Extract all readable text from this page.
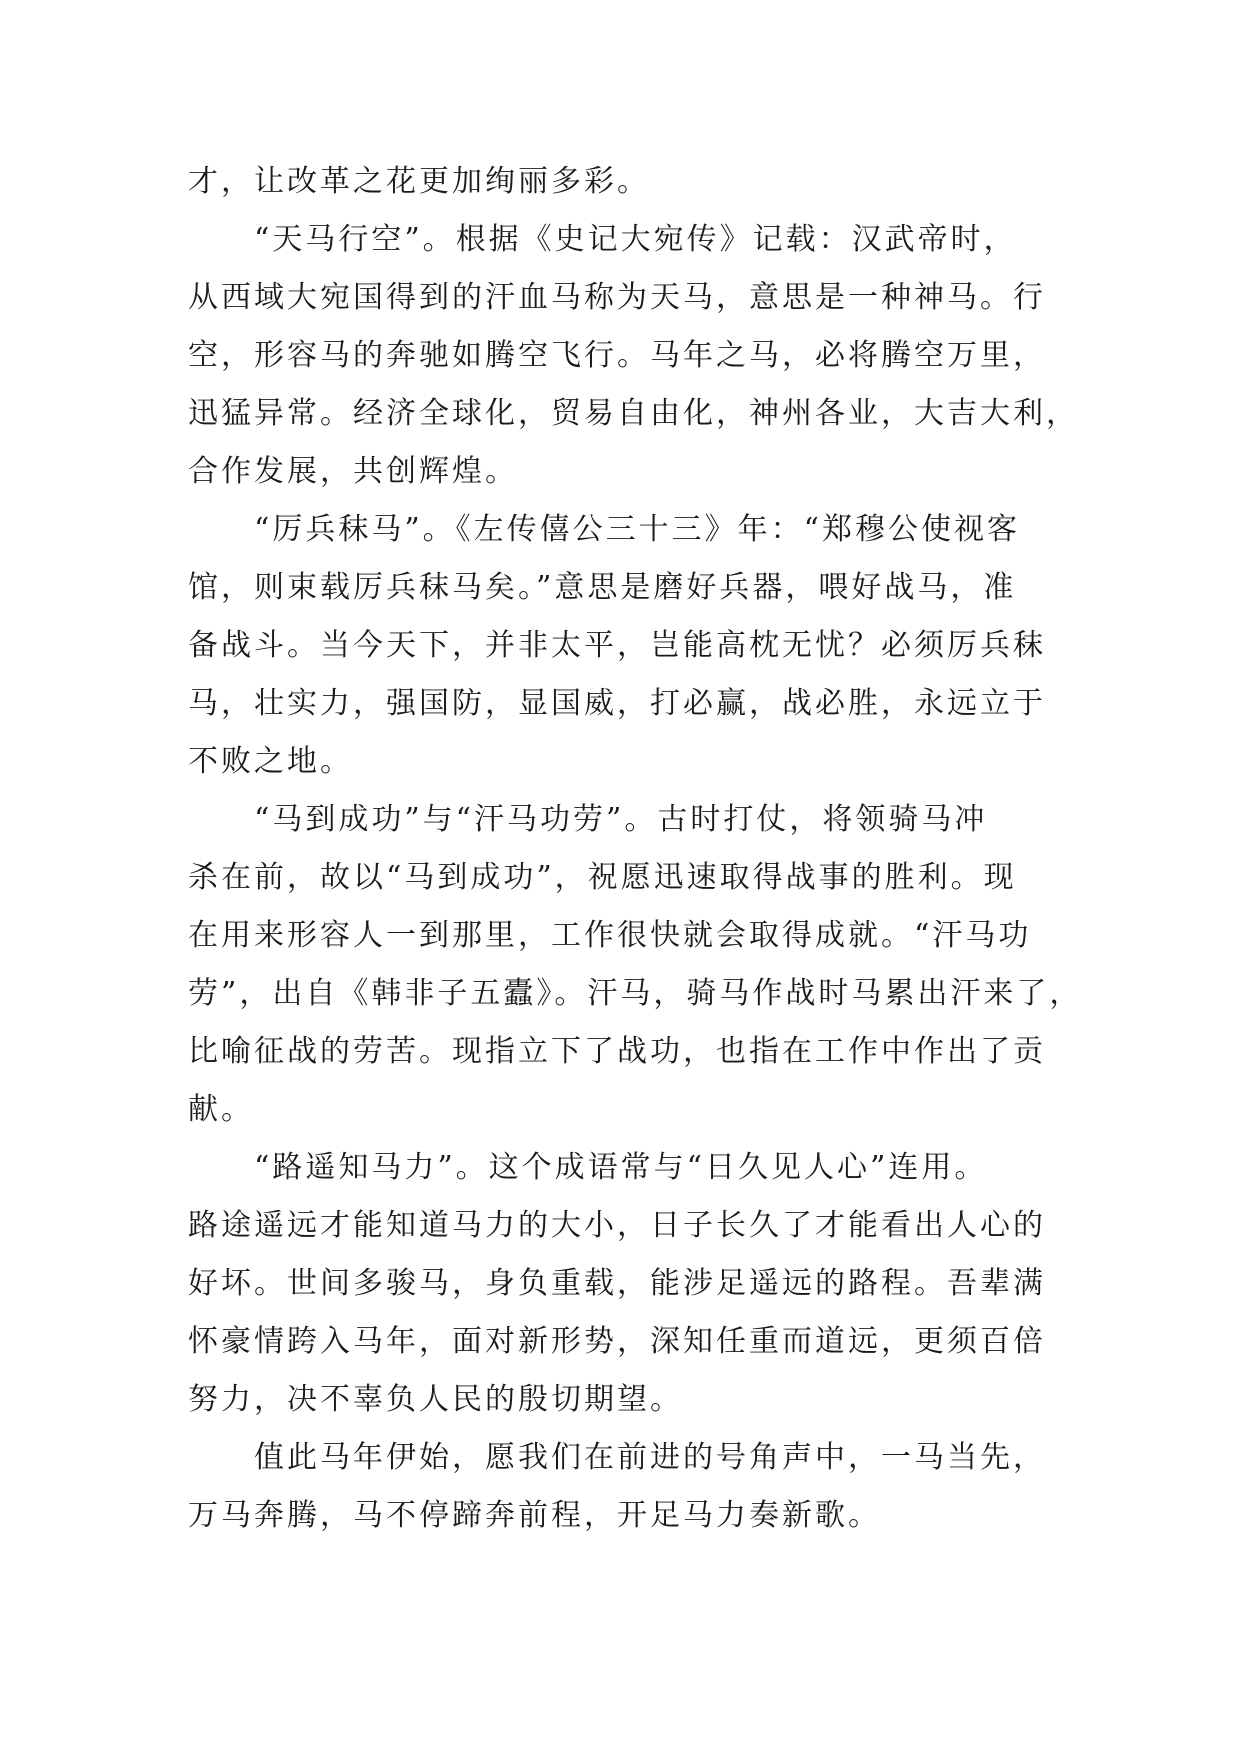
才，让改革之花更加绚丽多彩。
　　“天马行空”。根据《史记大宛传》记载：汉武帝时，
从西域大宛国得到的汗血马称为天马，意思是一种神马。行
空，形容马的奔驰如腾空飞行。马年之马，必将腾空万里，
迅猛异常。经济全球化，贸易自由化，神州各业，大吉大利，
合作发展，共创辉煌。
　　“厉兵秣马”。《左传僖公三十三》年：“郑穆公使视客
馆，则束载厉兵秣马矣。”意思是磨好兵器，喂好战马，准
备战斗。当今天下，并非太平，岂能高枕无忧？必须厉兵秣
马，壮实力，强国防，显国威，打必赢，战必胜，永远立于
不败之地。
　　“马到成功”与“汗马功劳”。古时打仗，将领骑马冲
杀在前，故以“马到成功”，祝愿迅速取得战事的胜利。现
在用来形容人一到那里，工作很快就会取得成就。“汗马功
劳”，出自《韩非子五蠹》。汗马，骑马作战时马累出汗来了，
比喻征战的劳苦。现指立下了战功，也指在工作中作出了贡
献。
　　“路遥知马力”。这个成语常与“日久见人心”连用。
路途遥远才能知道马力的大小，日子长久了才能看出人心的
好坏。世间多骏马，身负重载，能涉足遥远的路程。吾辈满
怀豪情跨入马年，面对新形势，深知任重而道远，更须百倍
努力，决不辜负人民的殷切期望。
　　值此马年伊始，愿我们在前进的号角声中，一马当先，
万马奔腾，马不停蹄奔前程，开足马力奏新歌。
